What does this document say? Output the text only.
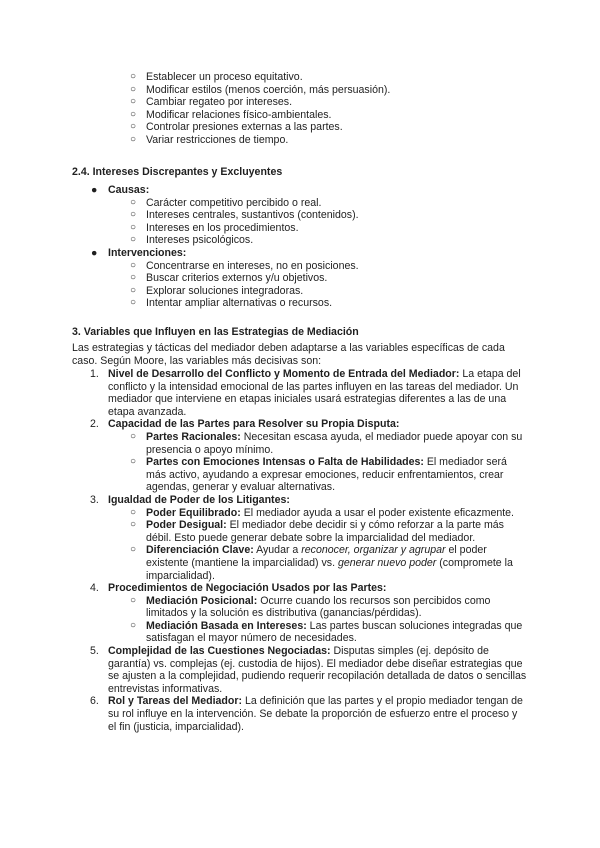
○ Establecer un proceso equitativo.
○ Modificar estilos (menos coerción, más persuasión).
○ Cambiar regateo por intereses.
○ Modificar relaciones físico-ambientales.
○ Controlar presiones externas a las partes.
○ Variar restricciones de tiempo.
2.4. Intereses Discrepantes y Excluyentes
● Causas:
○ Carácter competitivo percibido o real.
○ Intereses centrales, sustantivos (contenidos).
○ Intereses en los procedimientos.
○ Intereses psicológicos.
● Intervenciones:
○ Concentrarse en intereses, no en posiciones.
○ Buscar criterios externos y/u objetivos.
○ Explorar soluciones integradoras.
○ Intentar ampliar alternativas o recursos.
3. Variables que Influyen en las Estrategias de Mediación
Las estrategias y tácticas del mediador deben adaptarse a las variables específicas de cada caso. Según Moore, las variables más decisivas son:
1. Nivel de Desarrollo del Conflicto y Momento de Entrada del Mediador: La etapa del conflicto y la intensidad emocional de las partes influyen en las tareas del mediador. Un mediador que interviene en etapas iniciales usará estrategias diferentes a las de una etapa avanzada.
2. Capacidad de las Partes para Resolver su Propia Disputa:
○ Partes Racionales: Necesitan escasa ayuda, el mediador puede apoyar con su presencia o apoyo mínimo.
○ Partes con Emociones Intensas o Falta de Habilidades: El mediador será más activo, ayudando a expresar emociones, reducir enfrentamientos, crear agendas, generar y evaluar alternativas.
3. Igualdad de Poder de los Litigantes:
○ Poder Equilibrado: El mediador ayuda a usar el poder existente eficazmente.
○ Poder Desigual: El mediador debe decidir si y cómo reforzar a la parte más débil. Esto puede generar debate sobre la imparcialidad del mediador.
○ Diferenciación Clave: Ayudar a reconocer, organizar y agrupar el poder existente (mantiene la imparcialidad) vs. generar nuevo poder (compromete la imparcialidad).
4. Procedimientos de Negociación Usados por las Partes:
○ Mediación Posicional: Ocurre cuando los recursos son percibidos como limitados y la solución es distributiva (ganancias/pérdidas).
○ Mediación Basada en Intereses: Las partes buscan soluciones integradas que satisfagan el mayor número de necesidades.
5. Complejidad de las Cuestiones Negociadas: Disputas simples (ej. depósito de garantía) vs. complejas (ej. custodia de hijos). El mediador debe diseñar estrategias que se ajusten a la complejidad, pudiendo requerir recopilación detallada de datos o sencillas entrevistas informativas.
6. Rol y Tareas del Mediador: La definición que las partes y el propio mediador tengan de su rol influye en la intervención. Se debate la proporción de esfuerzo entre el proceso y el fin (justicia, imparcialidad).
